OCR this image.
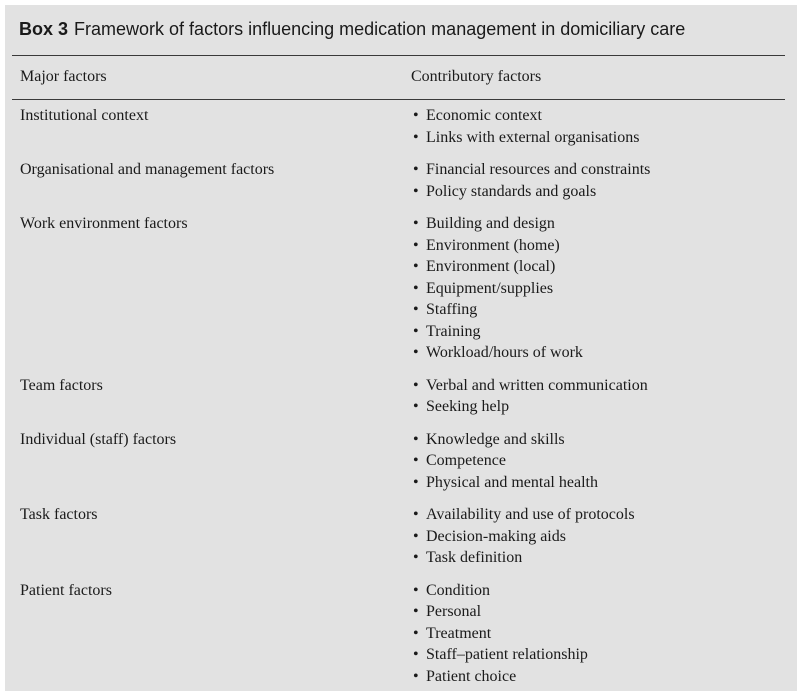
Box 3 Framework of factors influencing medication management in domiciliary care
Major factors	Contributory factors
Institutional context	• Economic context
• Links with external organisations
Organisational and management factors	• Financial resources and constraints
• Policy standards and goals
Work environment factors	• Building and design
• Environment (home)
• Environment (local)
• Equipment/supplies
• Staffing
• Training
• Workload/hours of work
Team factors	• Verbal and written communication
• Seeking help
Individual (staff) factors	• Knowledge and skills
• Competence
• Physical and mental health
Task factors	• Availability and use of protocols
• Decision-making aids
• Task definition
Patient factors	• Condition
• Personal
• Treatment
• Staff–patient relationship
• Patient choice
